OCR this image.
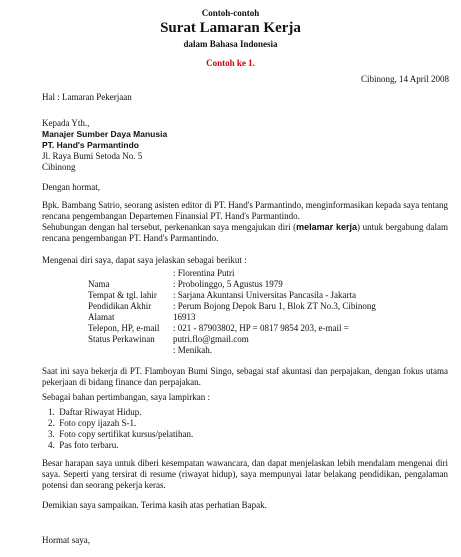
Contoh-contoh
Surat Lamaran Kerja
dalam Bahasa Indonesia
Contoh ke 1.
Cibinong, 14 April 2008
Hal : Lamaran Pekerjaan
Kepada Yth.,
Manajer Sumber Daya Manusia
PT. Hand's Parmantindo
Jl. Raya Bumi Setoda No. 5
Cibinong
Dengan hormat,
Bpk. Bambang Satrio, seorang asisten editor di PT. Hand's Parmantindo, menginformasikan kepada saya tentang rencana pengembangan Departemen Finansial PT. Hand's Parmantindo.
Sehubungan dengan hal tersebut, perkenankan saya mengajukan diri (melamar kerja) untuk bergabung dalam rencana pengembangan PT. Hand's Parmantindo.
Mengenai diri saya, dapat saya jelaskan sebagai berikut :
: Florentina Putri
Nama	: Probolinggo, 5 Agustus 1979
Tempat & tgl. lahir : Sarjana Akuntansi Universitas Pancasila - Jakarta
Pendidikan Akhir : Perum Bojong Depok Baru 1, Blok ZT No.3, Cibinong
Alamat	16913
Telepon, HP, e-mail : 021 - 87903802, HP = 0817 9854 203, e-mail =
Status Perkawinan putri.flo@gmail.com
: Menikah.
Saat ini saya bekerja di PT. Flamboyan Bumi Singo, sebagai staf akuntasi dan perpajakan, dengan fokus utama pekerjaan di bidang finance dan perpajakan.
Sebagai bahan pertimbangan, saya lampirkan :
1.  Daftar Riwayat Hidup.
2.  Foto copy ijazah S-1.
3.  Foto copy sertifikat kursus/pelatihan.
4.  Pas foto terbaru.
Besar harapan saya untuk diberi kesempatan wawancara, dan dapat menjelaskan lebih mendalam mengenai diri saya. Seperti yang tersirat di resume (riwayat hidup), saya mempunyai latar belakang pendidikan, pengalaman potensi dan seorang pekerja keras.
Demikian saya sampaikan. Terima kasih atas perhatian Bapak.
Hormat saya,
